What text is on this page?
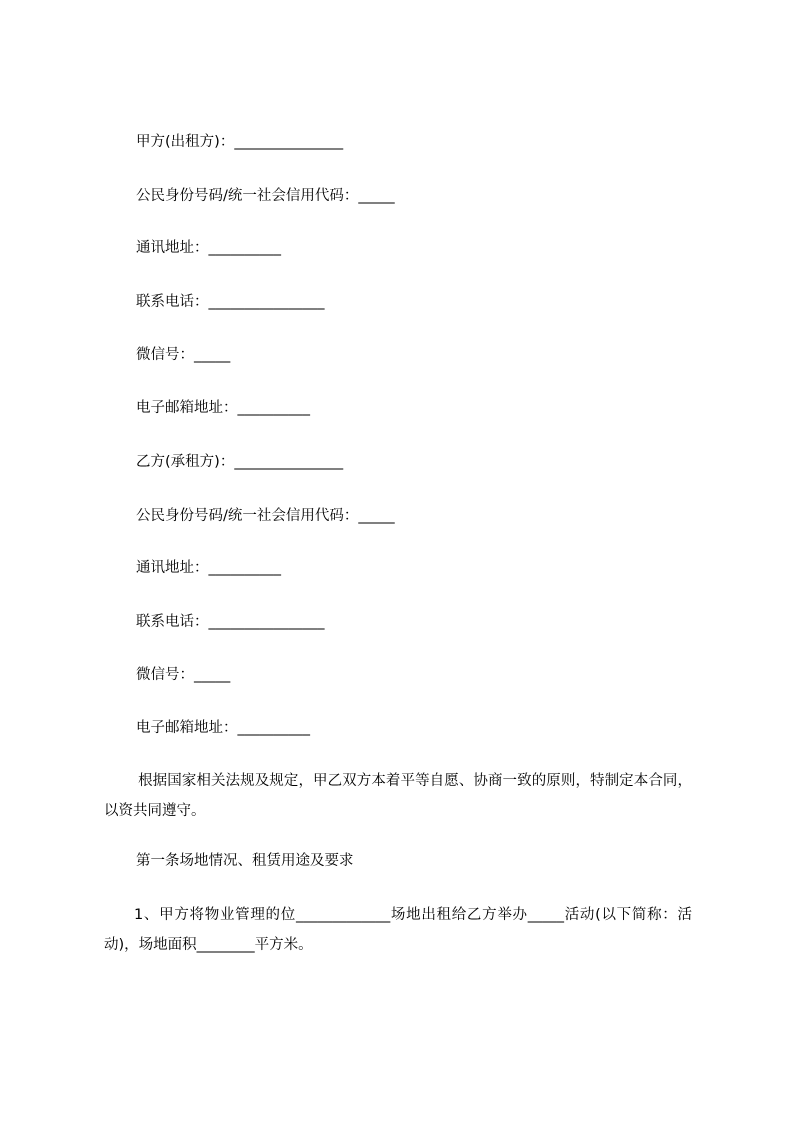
甲方(出租方)：_______________
公民身份号码/统一社会信用代码：_____
通讯地址：__________
联系电话：________________
微信号：_____
电子邮箱地址：__________
乙方(承租方)：_______________
公民身份号码/统一社会信用代码：_____
通讯地址：__________
联系电话：________________
微信号：_____
电子邮箱地址：__________
根据国家相关法规及规定，甲乙双方本着平等自愿、协商一致的原则，特制定本合同，以资共同遵守。
第一条场地情况、租赁用途及要求
1、甲方将物业管理的位_____________场地出租给乙方举办_____活动(以下简称：活动)，场地面积________平方米。
